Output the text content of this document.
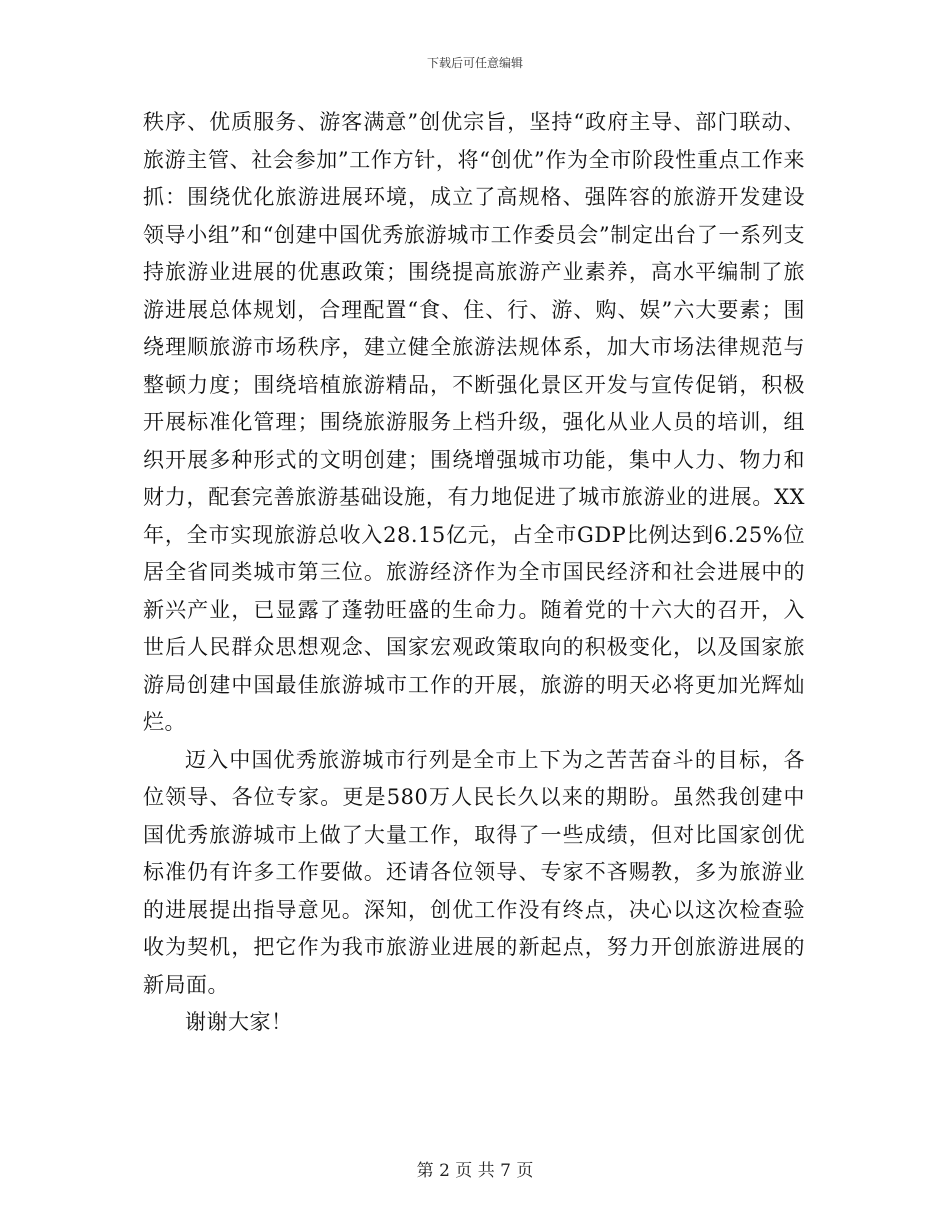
下载后可任意编辑

秩序、优质服务、游客满意”创优宗旨，坚持“政府主导、部门联动、旅游主管、社会参加”工作方针，将“创优”作为全市阶段性重点工作来抓：围绕优化旅游进展环境，成立了高规格、强阵容的旅游开发建设领导小组”和“创建中国优秀旅游城市工作委员会”制定出台了一系列支持旅游业进展的优惠政策；围绕提高旅游产业素养，高水平编制了旅游进展总体规划，合理配置“食、住、行、游、购、娱”六大要素；围绕理顺旅游市场秩序，建立健全旅游法规体系，加大市场法律规范与整顿力度；围绕培植旅游精品，不断强化景区开发与宣传促销，积极开展标准化管理；围绕旅游服务上档升级，强化从业人员的培训，组织开展多种形式的文明创建；围绕增强城市功能，集中人力、物力和财力，配套完善旅游基础设施，有力地促进了城市旅游业的进展。XX年，全市实现旅游总收入28.15亿元，占全市GDP比例达到6.25%位居全省同类城市第三位。旅游经济作为全市国民经济和社会进展中的新兴产业，已显露了蓬勃旺盛的生命力。随着党的十六大的召开，入世后人民群众思想观念、国家宏观政策取向的积极变化，以及国家旅游局创建中国最佳旅游城市工作的开展，旅游的明天必将更加光辉灿烂。

迈入中国优秀旅游城市行列是全市上下为之苦苦奋斗的目标，各位领导、各位专家。更是580万人民长久以来的期盼。虽然我创建中国优秀旅游城市上做了大量工作，取得了一些成绩，但对比国家创优标准仍有许多工作要做。还请各位领导、专家不吝赐教，多为旅游业的进展提出指导意见。深知，创优工作没有终点，决心以这次检查验收为契机，把它作为我市旅游业进展的新起点，努力开创旅游进展的新局面。

谢谢大家！

第 2 页 共 7 页
